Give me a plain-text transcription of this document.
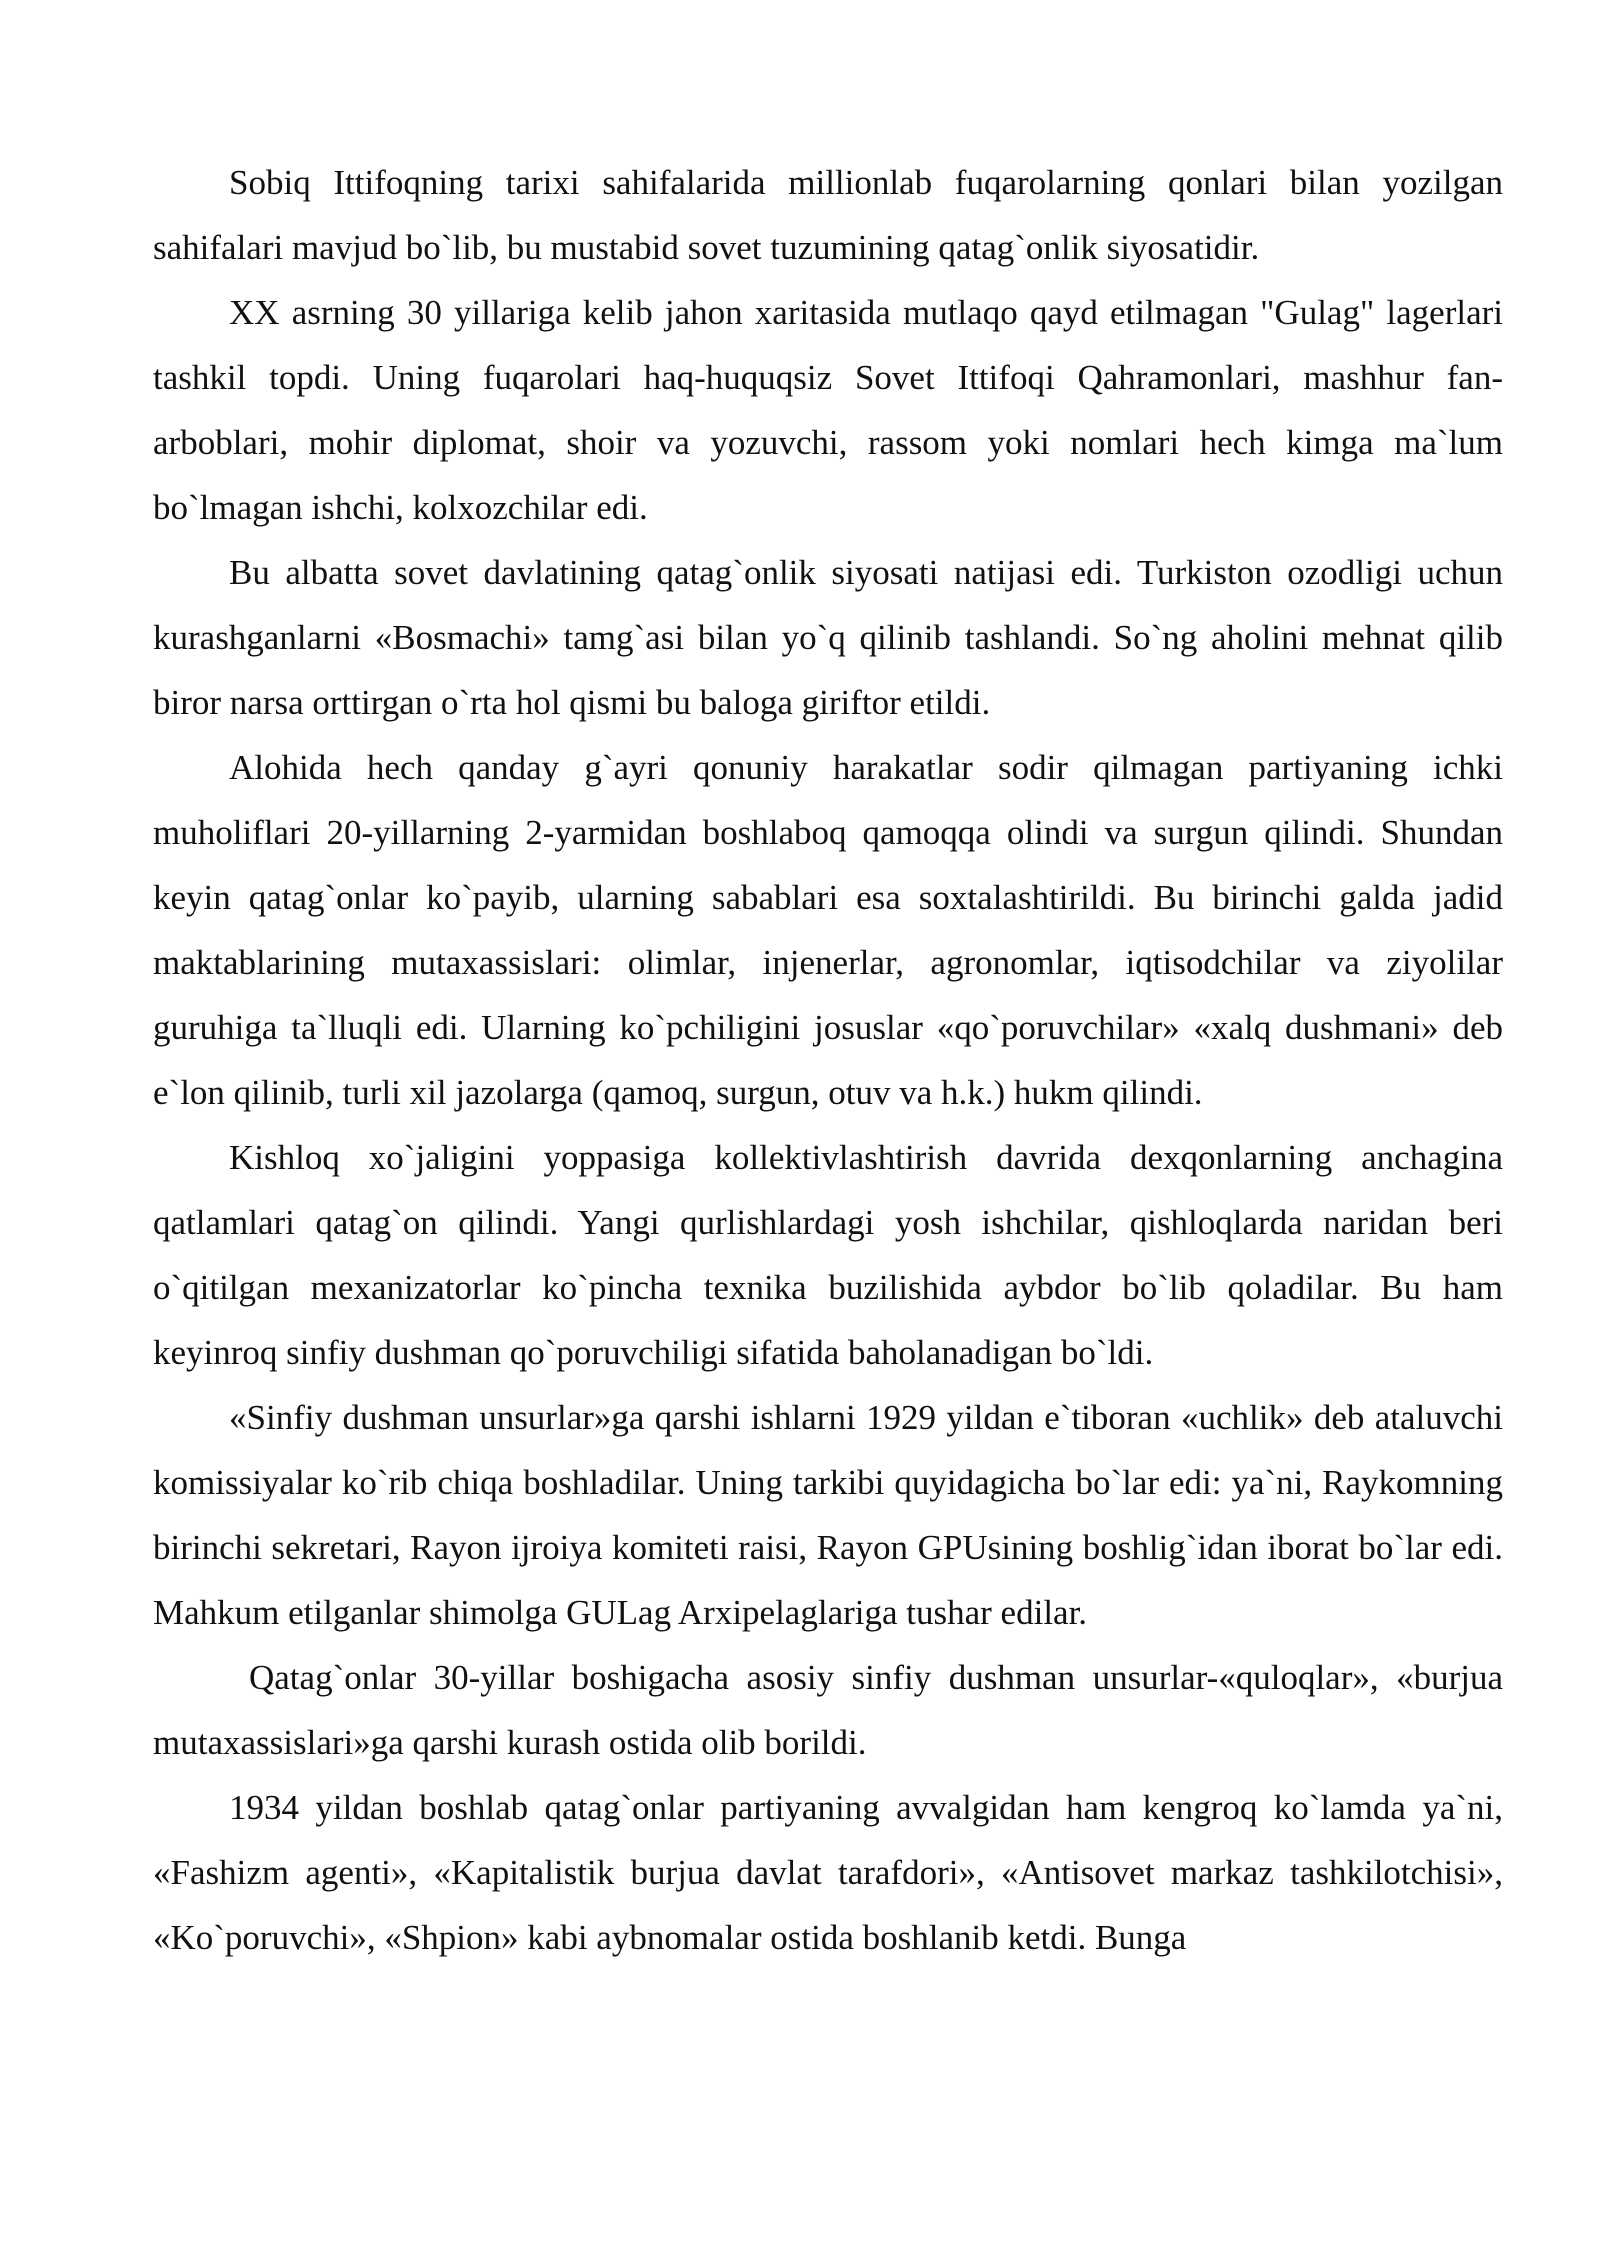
Sobiq Ittifoqning tarixi sahifalarida millionlab fuqarolarning qonlari bilan yozilgan sahifalari mavjud bo`lib, bu mustabid sovet tuzumining qatag`onlik siyosatidir.

XX asrning 30 yillariga kelib jahon xaritasida mutlaqo qayd etilmagan "Gulag" lagerlari tashkil topdi. Uning fuqarolari haq-huquqsiz Sovet Ittifoqi Qahramonlari, mashhur fan-arboblari, mohir diplomat, shoir va yozuvchi, rassom yoki nomlari hech kimga ma`lum bo`lmagan ishchi, kolxozchilar edi.

Bu albatta sovet davlatining qatag`onlik siyosati natijasi edi. Turkiston ozodligi uchun kurashganlarni «Bosmachi» tamg`asi bilan yo`q qilinib tashlandi. So`ng aholini mehnat qilib biror narsa orttirgan o`rta hol qismi bu baloga giriftor etildi.

Alohida hech qanday g`ayri qonuniy harakatlar sodir qilmagan partiyaning ichki muholiflari 20-yillarning 2-yarmidan boshlaboq qamoqqa olindi va surgun qilindi. Shundan keyin qatag`onlar ko`payib, ularning sabablari esa soxtalashtirildi. Bu birinchi galda jadid maktablarining mutaxassislari: olimlar, injenerlar, agronomlar, iqtisodchilar va ziyolilar guruhiga ta`lluqli edi. Ularning ko`pchiligini josuslar «qo`poruvchilar» «xalq dushmani» deb e`lon qilinib, turli xil jazolarga (qamoq, surgun, otuv va h.k.) hukm qilindi.

Kishloq xo`jaligini yoppasiga kollektivlashtirish davrida dexqonlarning anchagina qatlamlari qatag`on qilindi. Yangi qurlishlardagi yosh ishchilar, qishloqlarda naridan beri o`qitilgan mexanizatorlar ko`pincha texnika buzilishida aybdor bo`lib qoladilar. Bu ham keyinroq sinfiy dushman qo`poruvchiligi sifatida baholanadigan bo`ldi.

«Sinfiy dushman unsurlar»ga qarshi ishlarni 1929 yildan e`tiboran «uchlik» deb ataluvchi komissiyalar ko`rib chiqa boshladilar. Uning tarkibi quyidagicha bo`lar edi: ya`ni, Raykomning birinchi sekretari, Rayon ijroiya komiteti raisi, Rayon GPUsining boshlig`idan iborat bo`lar edi. Mahkum etilganlar shimolga GULag Arxipelaglariga tushar edilar.

Qatag`onlar 30-yillar boshigacha asosiy sinfiy dushman unsurlar-«quloqlar», «burjua mutaxassislari»ga qarshi kurash ostida olib borildi.

1934 yildan boshlab qatag`onlar partiyaning avvalgidan ham kengroq ko`lamda ya`ni, «Fashizm agenti», «Kapitalistik burjua davlat tarafdori», «Antisovet markaz tashkilotchisi», «Ko`poruvchi», «Shpion» kabi aybnomalar ostida boshlanib ketdi. Bunga
